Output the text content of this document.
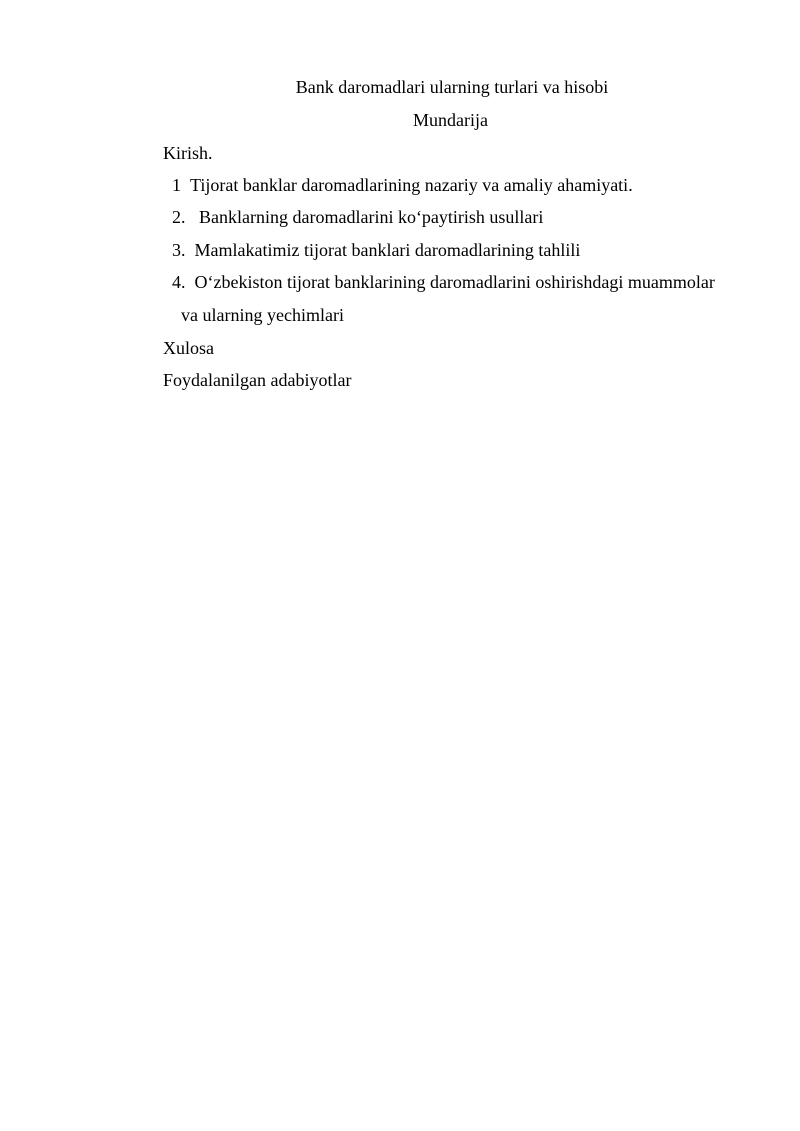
Bank daromadlari ularning turlari va hisobi
Mundarija
Kirish.
1 Tijorat banklar daromadlarining nazariy va amaliy ahamiyati.
2.   Banklarning daromadlarini ko‘paytirish usullari
3. Mamlakatimiz tijorat banklari daromadlarining tahlili
4. O‘zbekiston tijorat banklarining daromadlarini oshirishdagi muammolar
va ularning yechimlari
Xulosa
Foydalanilgan adabiyotlar
